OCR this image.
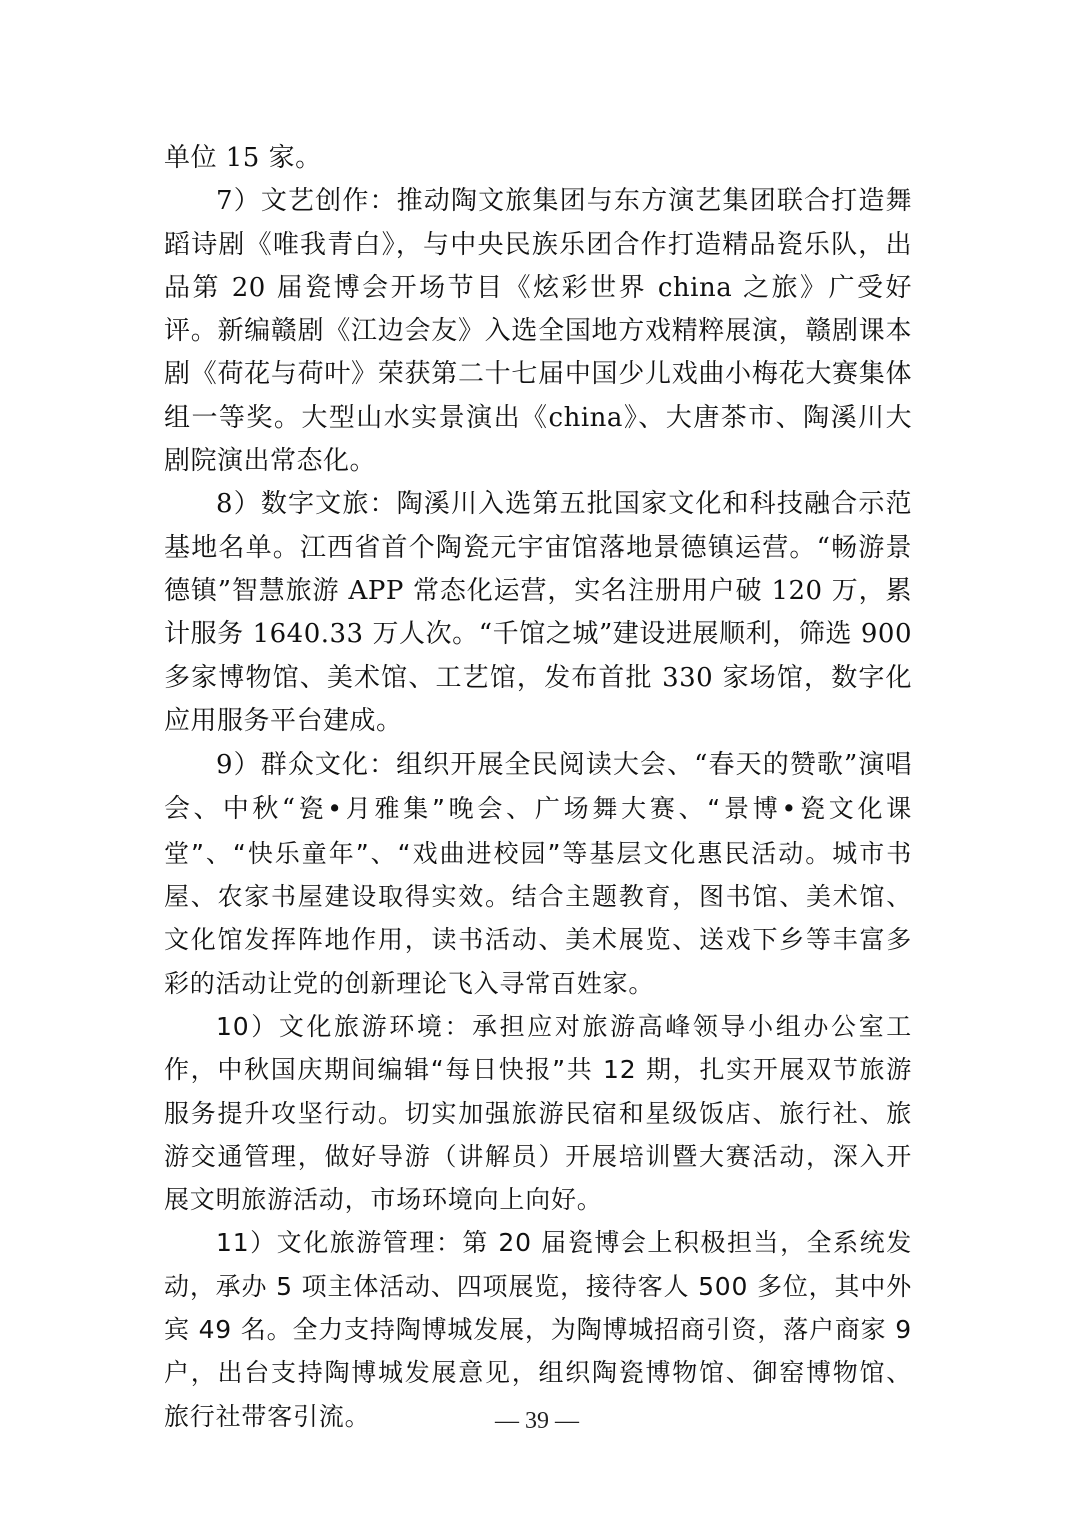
单位 15 家。

7）文艺创作：推动陶文旅集团与东方演艺集团联合打造舞蹈诗剧《唯我青白》，与中央民族乐团合作打造精品瓷乐队，出品第 20 届瓷博会开场节目《炫彩世界 china 之旅》广受好评。新编赣剧《江边会友》入选全国地方戏精粹展演，赣剧课本剧《荷花与荷叶》荣获第二十七届中国少儿戏曲小梅花大赛集体组一等奖。大型山水实景演出《china》、大唐茶市、陶溪川大剧院演出常态化。

8）数字文旅：陶溪川入选第五批国家文化和科技融合示范基地名单。江西省首个陶瓷元宇宙馆落地景德镇运营。“畅游景德镇”智慧旅游 APP 常态化运营，实名注册用户破 120 万，累计服务 1640.33 万人次。“千馆之城”建设进展顺利，筛选 900 多家博物馆、美术馆、工艺馆，发布首批 330 家场馆，数字化应用服务平台建成。

9）群众文化：组织开展全民阅读大会、“春天的赞歌”演唱会、中秋“瓷•月雅集”晚会、广场舞大赛、“景博•瓷文化课堂”、“快乐童年”、“戏曲进校园”等基层文化惠民活动。城市书屋、农家书屋建设取得实效。结合主题教育，图书馆、美术馆、文化馆发挥阵地作用，读书活动、美术展览、送戏下乡等丰富多彩的活动让党的创新理论飞入寻常百姓家。

10）文化旅游环境：承担应对旅游高峰领导小组办公室工作，中秋国庆期间编辑“每日快报”共 12 期，扎实开展双节旅游服务提升攻坚行动。切实加强旅游民宿和星级饭店、旅行社、旅游交通管理，做好导游（讲解员）开展培训暨大赛活动，深入开展文明旅游活动，市场环境向上向好。

11）文化旅游管理：第 20 届瓷博会上积极担当，全系统发动，承办 5 项主体活动、四项展览，接待客人 500 多位，其中外宾 49 名。全力支持陶博城发展，为陶博城招商引资，落户商家 9 户，出台支持陶博城发展意见，组织陶瓷博物馆、御窑博物馆、旅行社带客引流。	— 39 —
